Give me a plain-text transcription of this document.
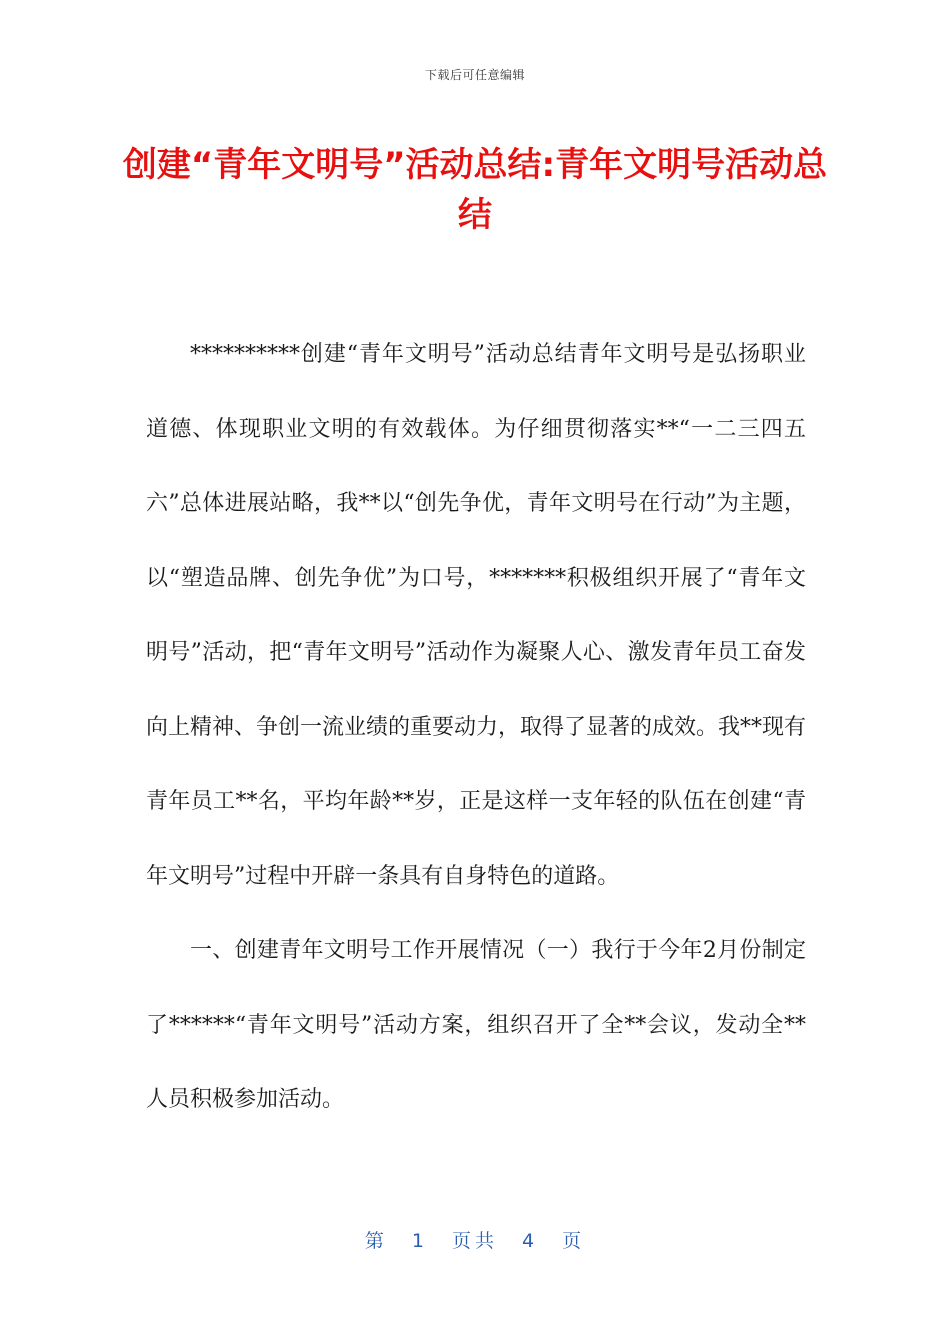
下载后可任意编辑
创建“青年文明号”活动总结:青年文明号活动总结

**********创建“青年文明号”活动总结青年文明号是弘扬职业道德、体现职业文明的有效载体。为仔细贯彻落实**“一二三四五六”总体进展站略，我**以“创先争优，青年文明号在行动”为主题，以“塑造品牌、创先争优”为口号，*******积极组织开展了“青年文明号”活动，把“青年文明号”活动作为凝聚人心、激发青年员工奋发向上精神、争创一流业绩的重要动力，取得了显著的成效。我**现有青年员工**名，平均年龄**岁，正是这样一支年轻的队伍在创建“青年文明号”过程中开辟一条具有自身特色的道路。

一、创建青年文明号工作开展情况（一）我行于今年2月份制定了******“青年文明号”活动方案，组织召开了全**会议，发动全**人员积极参加活动。

第 1 页共 4 页
